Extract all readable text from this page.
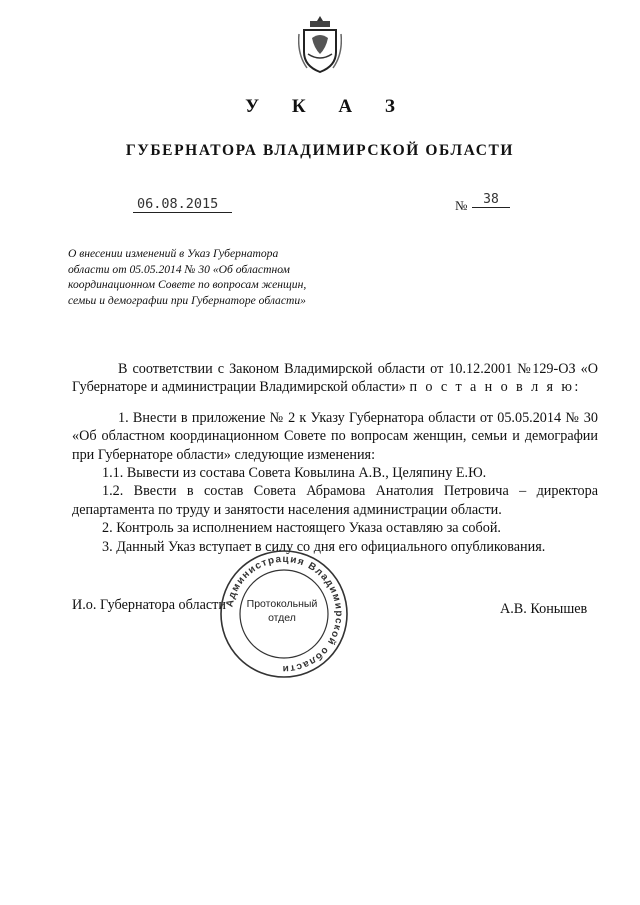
У К А З
ГУБЕРНАТОРА ВЛАДИМИРСКОЙ ОБЛАСТИ
06.08.2015	№	38
О внесении изменений в Указ Губернатора
области от 05.05.2014 № 30 «Об областном
координационном Совете по вопросам женщин,
семьи и демографии при Губернаторе области»

В соответствии с Законом Владимирской области от 10.12.2001 №129-ОЗ «О Губернаторе и администрации Владимирской области» п о с т а н о в л я ю:

1. Внести в приложение № 2 к Указу Губернатора области от 05.05.2014 № 30 «Об областном координационном Совете по вопросам женщин, семьи и демографии при Губернаторе области» следующие изменения:

1.1. Вывести из состава Совета Ковылина А.В., Целяпину Е.Ю.

1.2. Ввести в состав Совета Абрамова Анатолия Петровича – директора департамента по труду и занятости населения администрации области.

2. Контроль за исполнением настоящего Указа оставляю за собой.

3. Данный Указ вступает в силу со дня его официального опубликования.

И.о. Губернатора области	А.В. Конышев
Администрация Владимирской области
Протокольный
отдел
